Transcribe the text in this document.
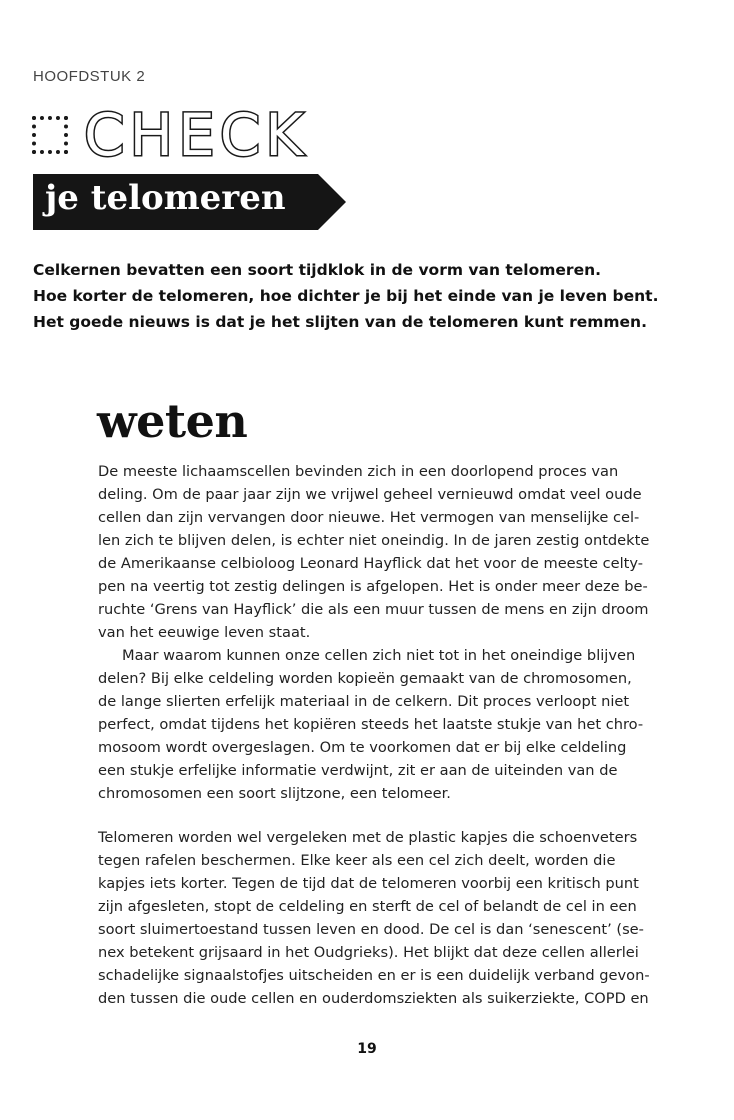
HOOFDSTUK 2
CHECK
je telomeren
Celkernen bevatten een soort tijdklok in de vorm van telomeren.
Hoe korter de telomeren, hoe dichter je bij het einde van je leven bent.
Het goede nieuws is dat je het slijten van de telomeren kunt remmen.
weten
De meeste lichaamscellen bevinden zich in een doorlopend proces van
deling. Om de paar jaar zijn we vrijwel geheel vernieuwd omdat veel oude
cellen dan zijn vervangen door nieuwe. Het vermogen van menselijke cel-
len zich te blijven delen, is echter niet oneindig. In de jaren zestig ontdekte
de Amerikaanse celbioloog Leonard Hayflick dat het voor de meeste celty-
pen na veertig tot zestig delingen is afgelopen. Het is onder meer deze be-
ruchte ‘Grens van Hayflick’ die als een muur tussen de mens en zijn droom
van het eeuwige leven staat.
Maar waarom kunnen onze cellen zich niet tot in het oneindige blijven
delen? Bij elke celdeling worden kopieën gemaakt van de chromosomen,
de lange slierten erfelijk materiaal in de celkern. Dit proces verloopt niet
perfect, omdat tijdens het kopiëren steeds het laatste stukje van het chro-
mosoom wordt overgeslagen. Om te voorkomen dat er bij elke celdeling
een stukje erfelijke informatie verdwijnt, zit er aan de uiteinden van de
chromosomen een soort slijtzone, een telomeer.
Telomeren worden wel vergeleken met de plastic kapjes die schoenveters
tegen rafelen beschermen. Elke keer als een cel zich deelt, worden die
kapjes iets korter. Tegen de tijd dat de telomeren voorbij een kritisch punt
zijn afgesleten, stopt de celdeling en sterft de cel of belandt de cel in een
soort sluimertoestand tussen leven en dood. De cel is dan ‘senescent’ (se-
nex betekent grijsaard in het Oudgrieks). Het blijkt dat deze cellen allerlei
schadelijke signaalstofjes uitscheiden en er is een duidelijk verband gevon-
den tussen die oude cellen en ouderdomsziekten als suikerziekte, COPD en
19
